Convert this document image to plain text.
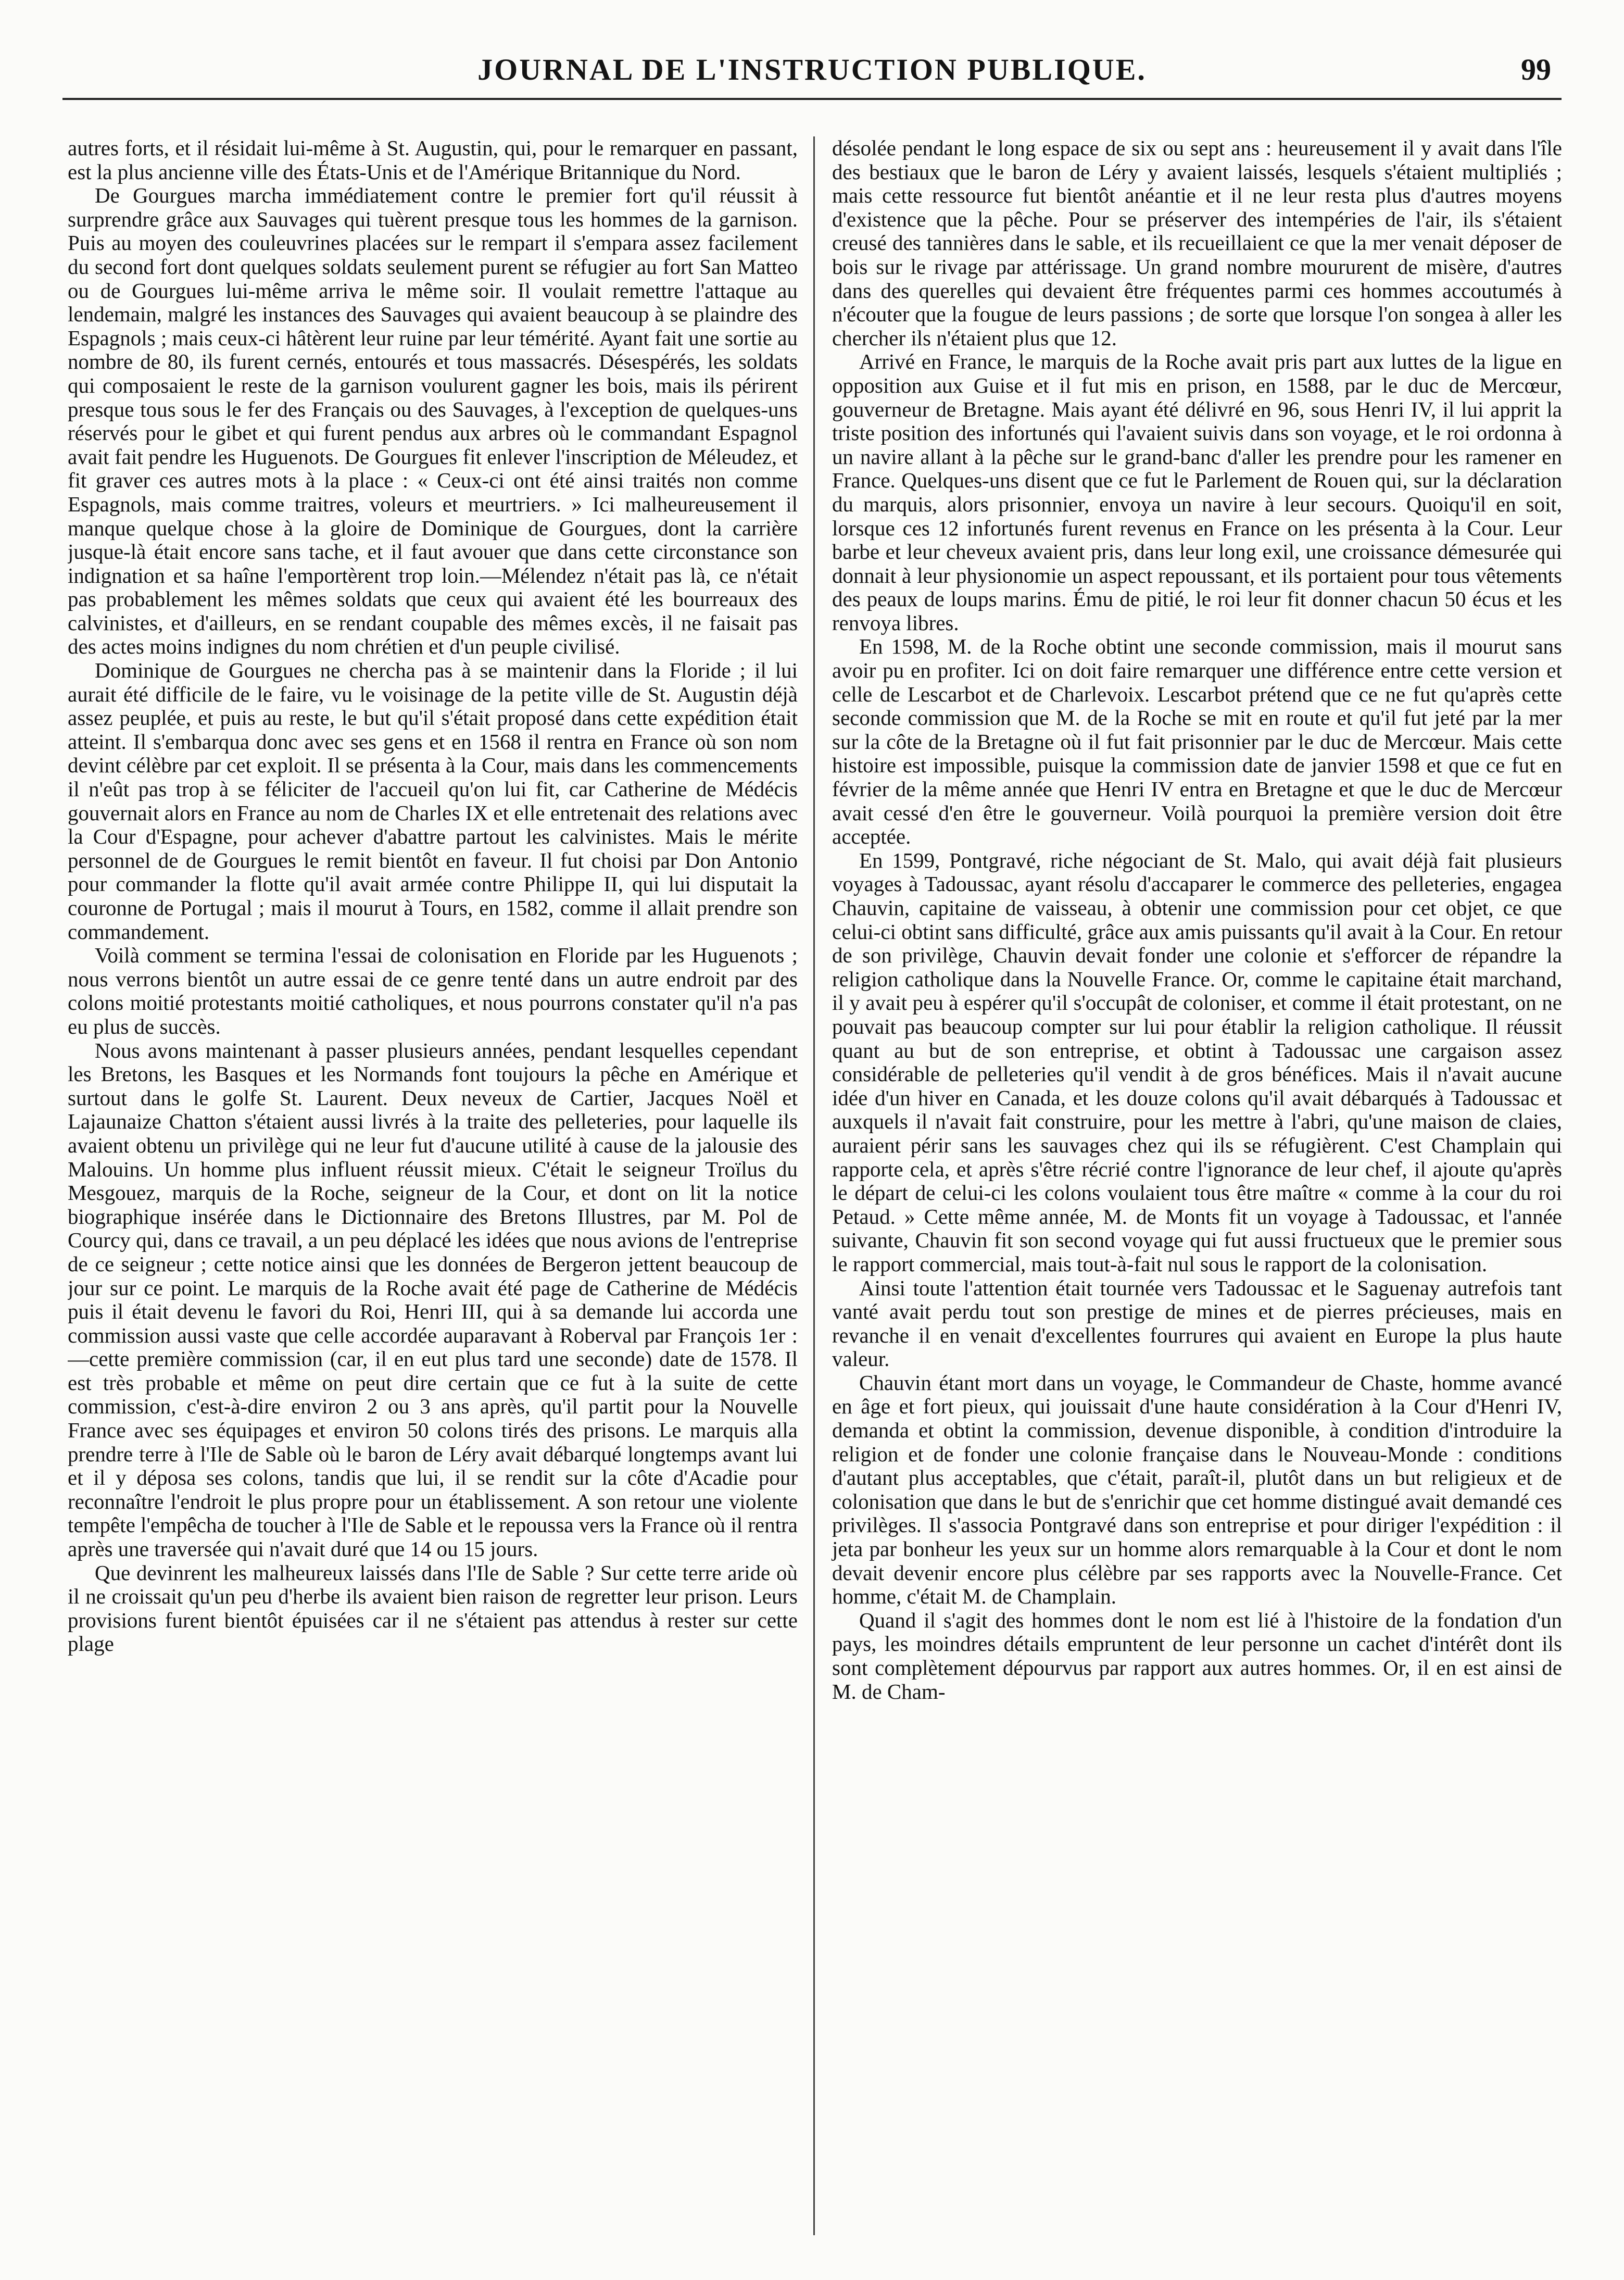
JOURNAL DE L'INSTRUCTION PUBLIQUE.	99

autres forts, et il résidait lui-même à St. Augustin, qui, pour le remarquer en passant, est la plus ancienne ville des États-Unis et de l'Amérique Britannique du Nord.

De Gourgues marcha immédiatement contre le premier fort qu'il réussit à surprendre grâce aux Sauvages qui tuèrent presque tous les hommes de la garnison. Puis au moyen des couleuvrines placées sur le rempart il s'empara assez facilement du second fort dont quelques soldats seulement purent se réfugier au fort San Matteo ou de Gourgues lui-même arriva le même soir. Il voulait remettre l'attaque au lendemain, malgré les instances des Sauvages qui avaient beaucoup à se plaindre des Espagnols ; mais ceux-ci hâtèrent leur ruine par leur témérité. Ayant fait une sortie au nombre de 80, ils furent cernés, entourés et tous massacrés. Désespérés, les soldats qui composaient le reste de la garnison voulurent gagner les bois, mais ils périrent presque tous sous le fer des Français ou des Sauvages, à l'exception de quelques-uns réservés pour le gibet et qui furent pendus aux arbres où le commandant Espagnol avait fait pendre les Huguenots. De Gourgues fit enlever l'inscription de Méleudez, et fit graver ces autres mots à la place : « Ceux-ci ont été ainsi traités non comme Espagnols, mais comme traitres, voleurs et meurtriers. » Ici malheureusement il manque quelque chose à la gloire de Dominique de Gourgues, dont la carrière jusque-là était encore sans tache, et il faut avouer que dans cette circonstance son indignation et sa haîne l'emportèrent trop loin.—Mélendez n'était pas là, ce n'était pas probablement les mêmes soldats que ceux qui avaient été les bourreaux des calvinistes, et d'ailleurs, en se rendant coupable des mêmes excès, il ne faisait pas des actes moins indignes du nom chrétien et d'un peuple civilisé.

Dominique de Gourgues ne chercha pas à se maintenir dans la Floride ; il lui aurait été difficile de le faire, vu le voisinage de la petite ville de St. Augustin déjà assez peuplée, et puis au reste, le but qu'il s'était proposé dans cette expédition était atteint. Il s'embarqua donc avec ses gens et en 1568 il rentra en France où son nom devint célèbre par cet exploit. Il se présenta à la Cour, mais dans les commencements il n'eût pas trop à se féliciter de l'accueil qu'on lui fit, car Catherine de Médécis gouvernait alors en France au nom de Charles IX et elle entretenait des relations avec la Cour d'Espagne, pour achever d'abattre partout les calvinistes. Mais le mérite personnel de de Gourgues le remit bientôt en faveur. Il fut choisi par Don Antonio pour commander la flotte qu'il avait armée contre Philippe II, qui lui disputait la couronne de Portugal ; mais il mourut à Tours, en 1582, comme il allait prendre son commandement.

Voilà comment se termina l'essai de colonisation en Floride par les Huguenots ; nous verrons bientôt un autre essai de ce genre tenté dans un autre endroit par des colons moitié protestants moitié catholiques, et nous pourrons constater qu'il n'a pas eu plus de succès.

Nous avons maintenant à passer plusieurs années, pendant lesquelles cependant les Bretons, les Basques et les Normands font toujours la pêche en Amérique et surtout dans le golfe St. Laurent. Deux neveux de Cartier, Jacques Noël et Lajaunaize Chatton s'étaient aussi livrés à la traite des pelleteries, pour laquelle ils avaient obtenu un privilège qui ne leur fut d'aucune utilité à cause de la jalousie des Malouins. Un homme plus influent réussit mieux. C'était le seigneur Troïlus du Mesgouez, marquis de la Roche, seigneur de la Cour, et dont on lit la notice biographique insérée dans le Dictionnaire des Bretons Illustres, par M. Pol de Courcy qui, dans ce travail, a un peu déplacé les idées que nous avions de l'entreprise de ce seigneur ; cette notice ainsi que les données de Bergeron jettent beaucoup de jour sur ce point. Le marquis de la Roche avait été page de Catherine de Médécis puis il était devenu le favori du Roi, Henri III, qui à sa demande lui accorda une commission aussi vaste que celle accordée auparavant à Roberval par François 1er :—cette première commission (car, il en eut plus tard une seconde) date de 1578. Il est très probable et même on peut dire certain que ce fut à la suite de cette commission, c'est-à-dire environ 2 ou 3 ans après, qu'il partit pour la Nouvelle France avec ses équipages et environ 50 colons tirés des prisons. Le marquis alla prendre terre à l'Ile de Sable où le baron de Léry avait débarqué longtemps avant lui et il y déposa ses colons, tandis que lui, il se rendit sur la côte d'Acadie pour reconnaître l'endroit le plus propre pour un établissement. A son retour une violente tempête l'empêcha de toucher à l'Ile de Sable et le repoussa vers la France où il rentra après une traversée qui n'avait duré que 14 ou 15 jours.

Que devinrent les malheureux laissés dans l'Ile de Sable ? Sur cette terre aride où il ne croissait qu'un peu d'herbe ils avaient bien raison de regretter leur prison. Leurs provisions furent bientôt épuisées car il ne s'étaient pas attendus à rester sur cette plage

désolée pendant le long espace de six ou sept ans : heureusement il y avait dans l'île des bestiaux que le baron de Léry y avaient laissés, lesquels s'étaient multipliés ; mais cette ressource fut bientôt anéantie et il ne leur resta plus d'autres moyens d'existence que la pêche. Pour se préserver des intempéries de l'air, ils s'étaient creusé des tannières dans le sable, et ils recueillaient ce que la mer venait déposer de bois sur le rivage par attérissage. Un grand nombre moururent de misère, d'autres dans des querelles qui devaient être fréquentes parmi ces hommes accoutumés à n'écouter que la fougue de leurs passions ; de sorte que lorsque l'on songea à aller les chercher ils n'étaient plus que 12.

Arrivé en France, le marquis de la Roche avait pris part aux luttes de la ligue en opposition aux Guise et il fut mis en prison, en 1588, par le duc de Mercœur, gouverneur de Bretagne. Mais ayant été délivré en 96, sous Henri IV, il lui apprit la triste position des infortunés qui l'avaient suivis dans son voyage, et le roi ordonna à un navire allant à la pêche sur le grand-banc d'aller les prendre pour les ramener en France. Quelques-uns disent que ce fut le Parlement de Rouen qui, sur la déclaration du marquis, alors prisonnier, envoya un navire à leur secours. Quoiqu'il en soit, lorsque ces 12 infortunés furent revenus en France on les présenta à la Cour. Leur barbe et leur cheveux avaient pris, dans leur long exil, une croissance démesurée qui donnait à leur physionomie un aspect repoussant, et ils portaient pour tous vêtements des peaux de loups marins. Ému de pitié, le roi leur fit donner chacun 50 écus et les renvoya libres.

En 1598, M. de la Roche obtint une seconde commission, mais il mourut sans avoir pu en profiter. Ici on doit faire remarquer une différence entre cette version et celle de Lescarbot et de Charlevoix. Lescarbot prétend que ce ne fut qu'après cette seconde commission que M. de la Roche se mit en route et qu'il fut jeté par la mer sur la côte de la Bretagne où il fut fait prisonnier par le duc de Mercœur. Mais cette histoire est impossible, puisque la commission date de janvier 1598 et que ce fut en février de la même année que Henri IV entra en Bretagne et que le duc de Mercœur avait cessé d'en être le gouverneur. Voilà pourquoi la première version doit être acceptée.

En 1599, Pontgravé, riche négociant de St. Malo, qui avait déjà fait plusieurs voyages à Tadoussac, ayant résolu d'accaparer le commerce des pelleteries, engagea Chauvin, capitaine de vaisseau, à obtenir une commission pour cet objet, ce que celui-ci obtint sans difficulté, grâce aux amis puissants qu'il avait à la Cour. En retour de son privilège, Chauvin devait fonder une colonie et s'efforcer de répandre la religion catholique dans la Nouvelle France. Or, comme le capitaine était marchand, il y avait peu à espérer qu'il s'occupât de coloniser, et comme il était protestant, on ne pouvait pas beaucoup compter sur lui pour établir la religion catholique. Il réussit quant au but de son entreprise, et obtint à Tadoussac une cargaison assez considérable de pelleteries qu'il vendit à de gros bénéfices. Mais il n'avait aucune idée d'un hiver en Canada, et les douze colons qu'il avait débarqués à Tadoussac et auxquels il n'avait fait construire, pour les mettre à l'abri, qu'une maison de claies, auraient périr sans les sauvages chez qui ils se réfugièrent. C'est Champlain qui rapporte cela, et après s'être récrié contre l'ignorance de leur chef, il ajoute qu'après le départ de celui-ci les colons voulaient tous être maître « comme à la cour du roi Petaud. » Cette même année, M. de Monts fit un voyage à Tadoussac, et l'année suivante, Chauvin fit son second voyage qui fut aussi fructueux que le premier sous le rapport commercial, mais tout-à-fait nul sous le rapport de la colonisation.

Ainsi toute l'attention était tournée vers Tadoussac et le Saguenay autrefois tant vanté avait perdu tout son prestige de mines et de pierres précieuses, mais en revanche il en venait d'excellentes fourrures qui avaient en Europe la plus haute valeur.

Chauvin étant mort dans un voyage, le Commandeur de Chaste, homme avancé en âge et fort pieux, qui jouissait d'une haute considération à la Cour d'Henri IV, demanda et obtint la commission, devenue disponible, à condition d'introduire la religion et de fonder une colonie française dans le Nouveau-Monde : conditions d'autant plus acceptables, que c'était, paraît-il, plutôt dans un but religieux et de colonisation que dans le but de s'enrichir que cet homme distingué avait demandé ces privilèges. Il s'associa Pontgravé dans son entreprise et pour diriger l'expédition : il jeta par bonheur les yeux sur un homme alors remarquable à la Cour et dont le nom devait devenir encore plus célèbre par ses rapports avec la Nouvelle-France. Cet homme, c'était M. de Champlain.

Quand il s'agit des hommes dont le nom est lié à l'histoire de la fondation d'un pays, les moindres détails empruntent de leur personne un cachet d'intérêt dont ils sont complètement dépourvus par rapport aux autres hommes. Or, il en est ainsi de M. de Cham-
